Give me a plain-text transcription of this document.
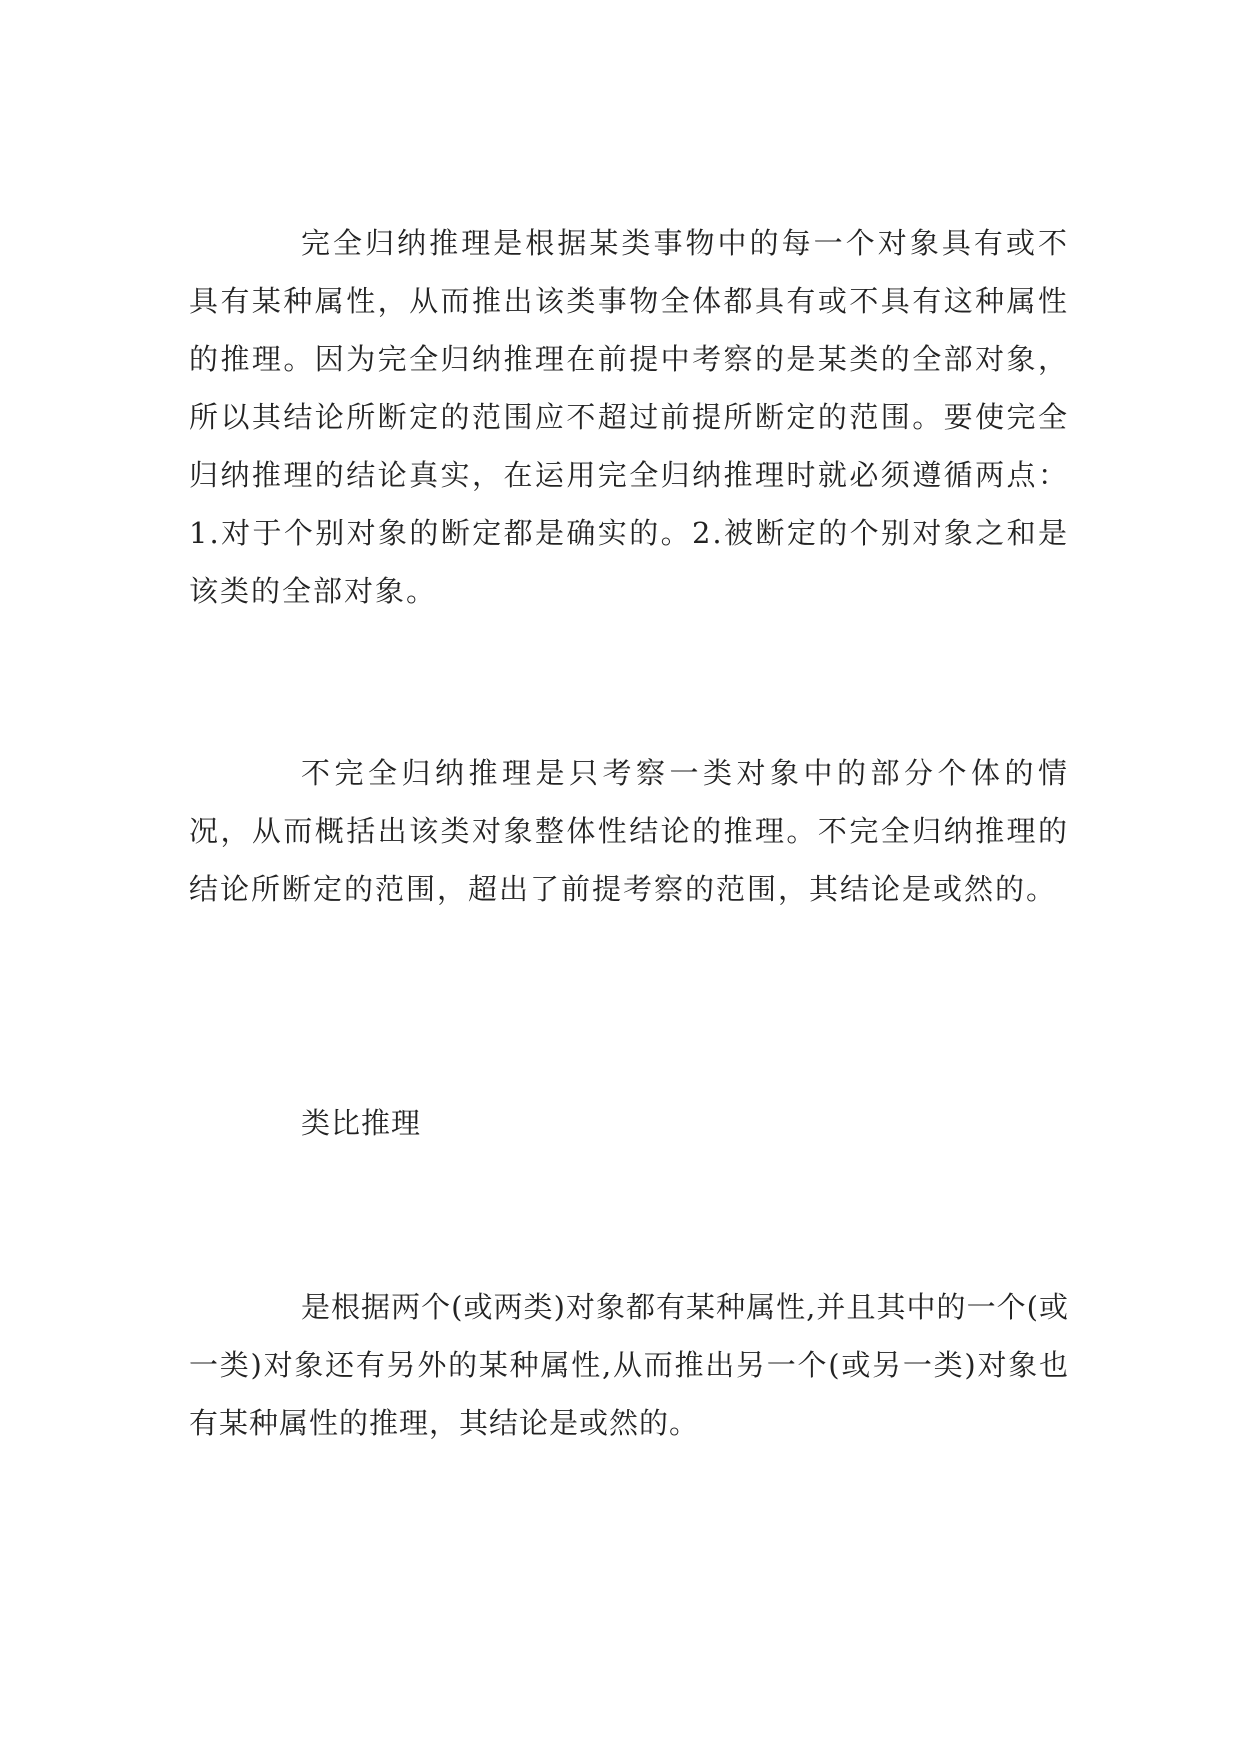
完全归纳推理是根据某类事物中的每一个对象具有或不具有某种属性，从而推出该类事物全体都具有或不具有这种属性的推理。因为完全归纳推理在前提中考察的是某类的全部对象，所以其结论所断定的范围应不超过前提所断定的范围。要使完全归纳推理的结论真实，在运用完全归纳推理时就必须遵循两点：1.对于个别对象的断定都是确实的。2.被断定的个别对象之和是该类的全部对象。

不完全归纳推理是只考察一类对象中的部分个体的情况，从而概括出该类对象整体性结论的推理。不完全归纳推理的结论所断定的范围，超出了前提考察的范围，其结论是或然的。

类比推理

是根据两个(或两类)对象都有某种属性,并且其中的一个(或一类)对象还有另外的某种属性,从而推出另一个(或另一类)对象也有某种属性的推理，其结论是或然的。
